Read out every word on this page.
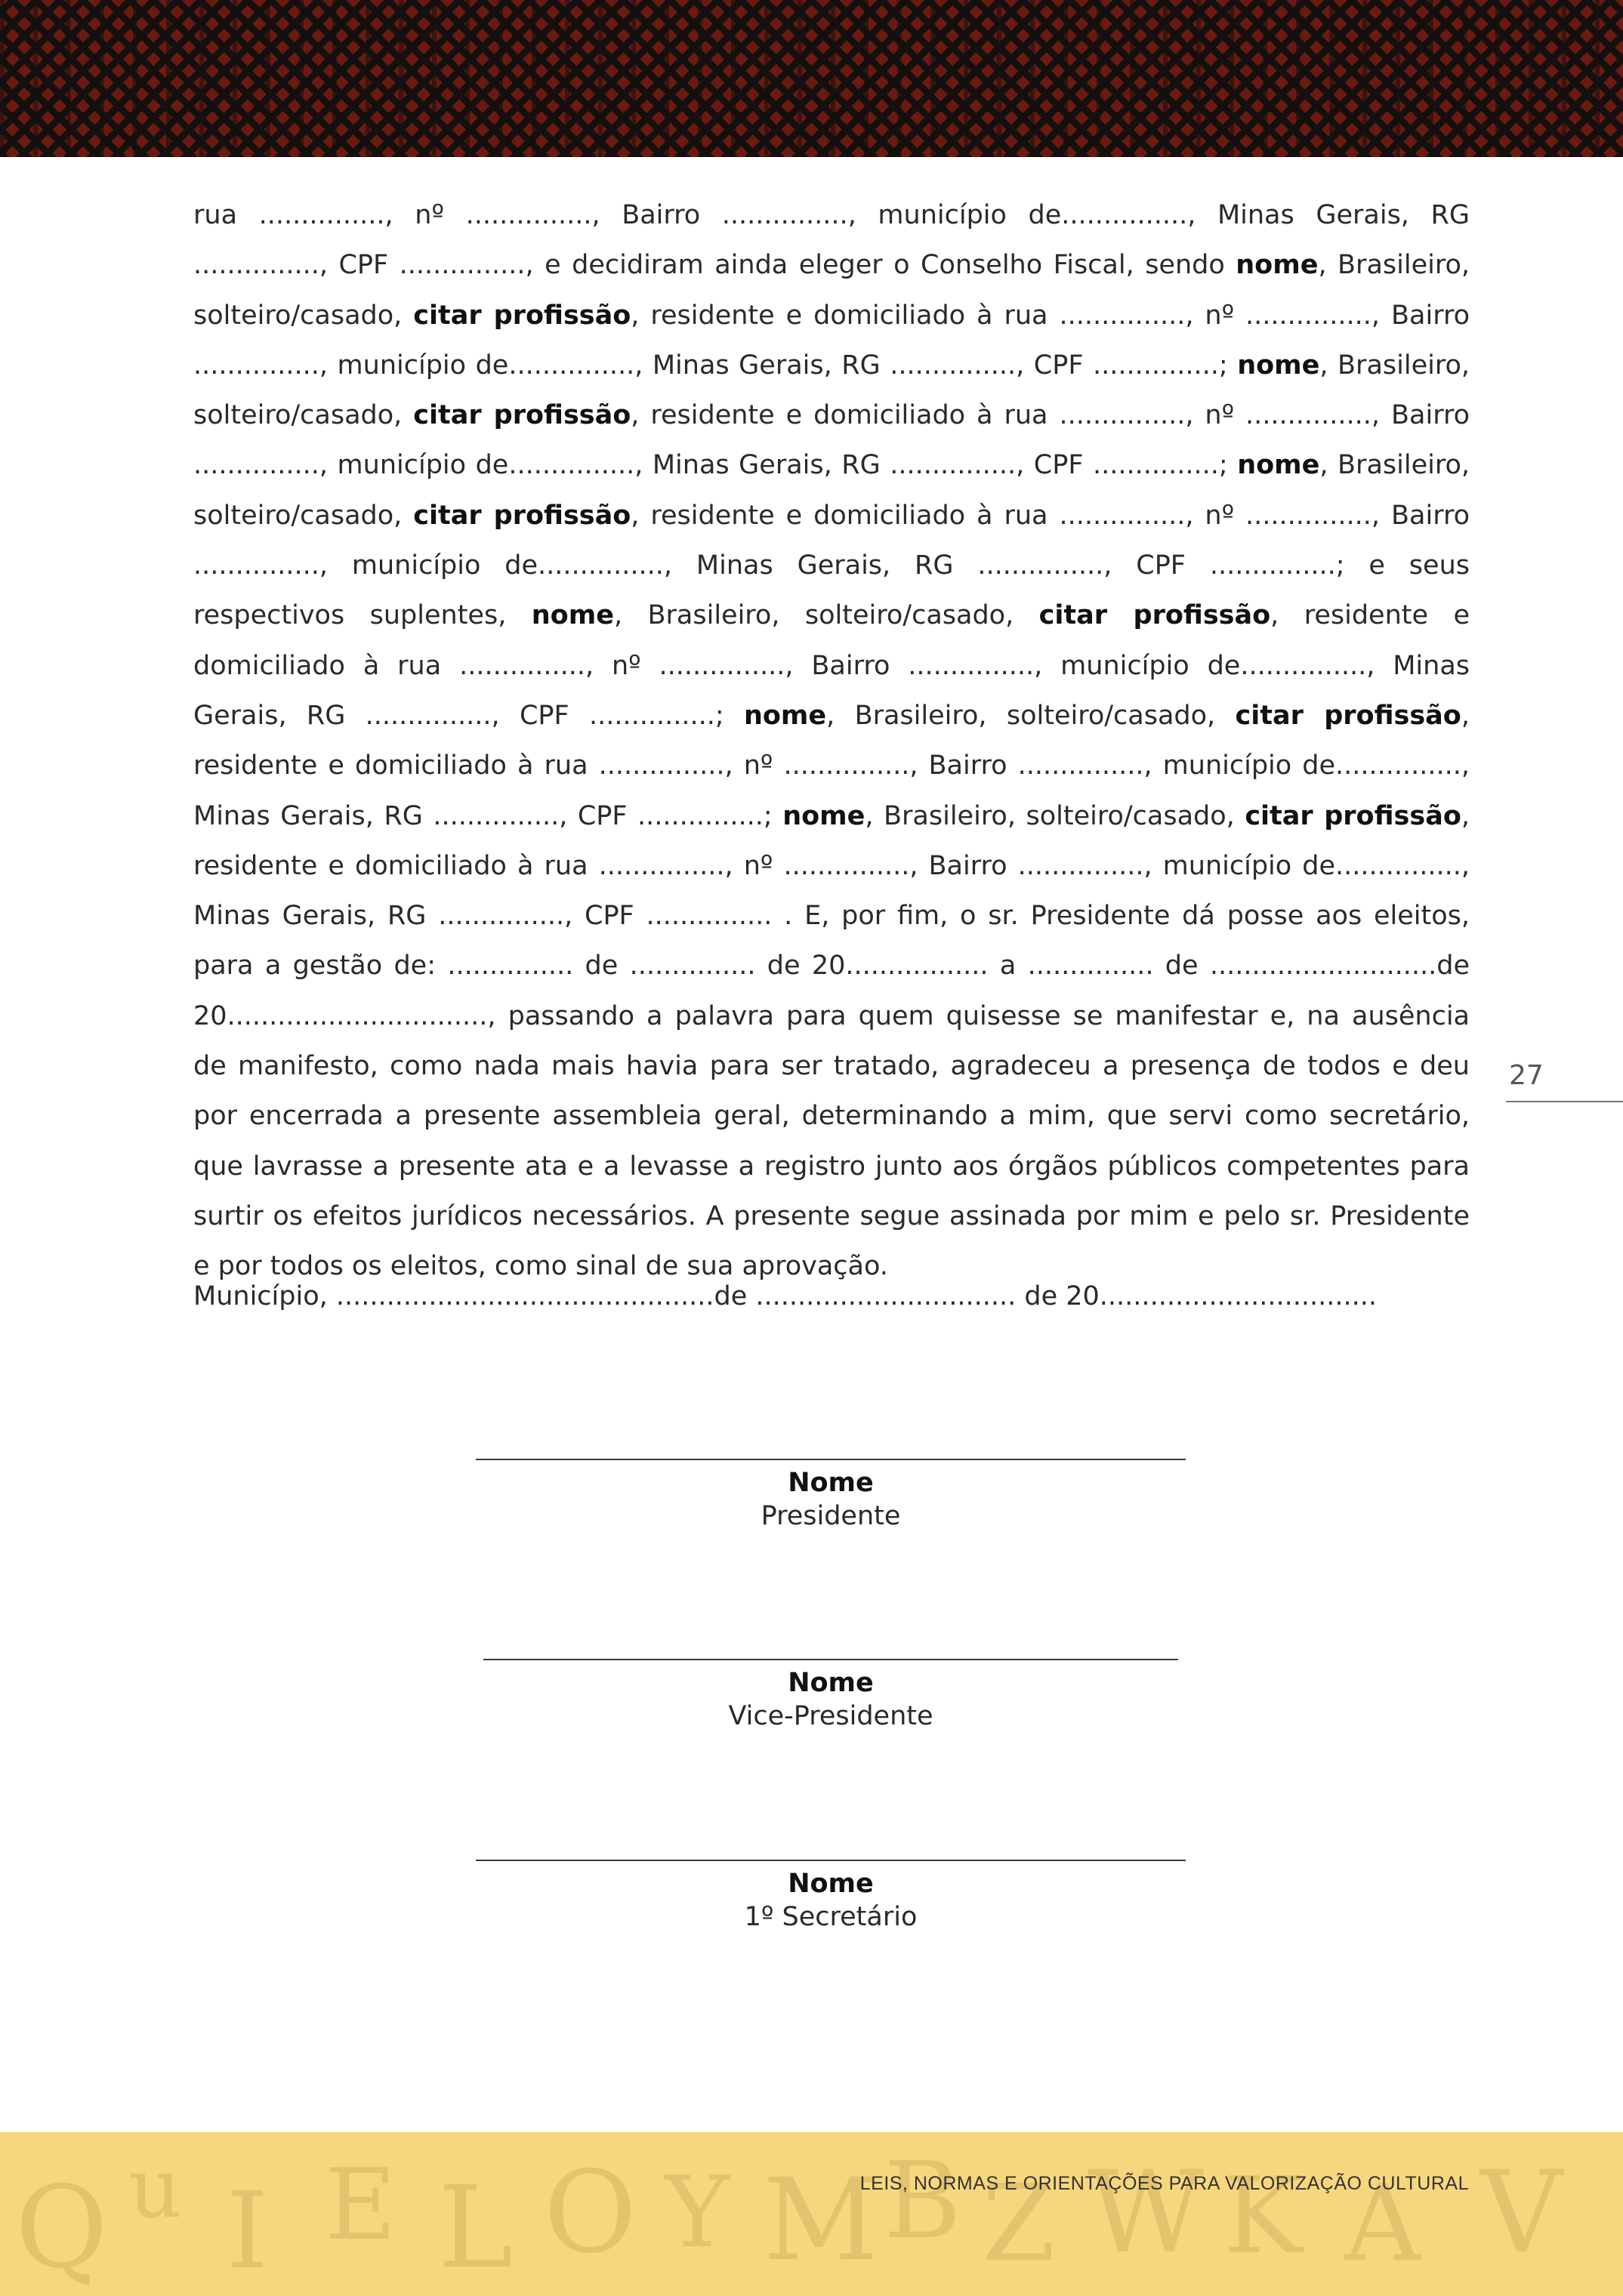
rua ..............., nº ..............., Bairro ..............., município de..............., Minas Gerais, RG ..............., CPF ..............., e decidiram ainda eleger o Conselho Fiscal, sendo nome, Brasileiro, solteiro/casado, citar profissão, residente e domiciliado à rua ..............., nº ..............., Bairro ..............., município de..............., Minas Gerais, RG ..............., CPF ...............; nome, Brasileiro, solteiro/casado, citar profissão, residente e domiciliado à rua ..............., nº ..............., Bairro ..............., município de..............., Minas Gerais, RG ..............., CPF ...............; nome, Brasileiro, solteiro/casado, citar profissão, residente e domiciliado à rua ..............., nº ..............., Bairro ..............., município de..............., Minas Gerais, RG ..............., CPF ...............; e seus respectivos suplentes, nome, Brasileiro, solteiro/casado, citar profissão, residente e domiciliado à rua ..............., nº ..............., Bairro ..............., município de..............., Minas Gerais, RG ..............., CPF ...............; nome, Brasileiro, solteiro/casado, citar profissão, residente e domiciliado à rua ..............., nº ..............., Bairro ..............., município de..............., Minas Gerais, RG ..............., CPF ...............; nome, Brasileiro, solteiro/casado, citar profissão, residente e domiciliado à rua ..............., nº ..............., Bairro ..............., município de..............., Minas Gerais, RG ..............., CPF ............... . E, por fim, o sr. Presidente dá posse aos eleitos, para a gestão de: ............... de ............... de 20................. a ............... de ...........................de 20..............................., passando a palavra para quem quisesse se manifestar e, na ausência de manifesto, como nada mais havia para ser tratado, agradeceu a presença de todos e deu por encerrada a presente assembleia geral, determinando a mim, que servi como secretário, que lavrasse a presente ata e a levasse a registro junto aos órgãos públicos competentes para surtir os efeitos jurídicos necessários. A presente segue assinada por mim e pelo sr. Presidente e por todos os eleitos, como sinal de sua aprovação.

Município, .............................................de ............................... de 20.................................

Nome
Presidente
Nome
Vice-Presidente
Nome
1º Secretário
27
Q u I E L O Y M B Z W K A V
LEIS, NORMAS E ORIENTAÇÕES PARA VALORIZAÇÃO CULTURAL
